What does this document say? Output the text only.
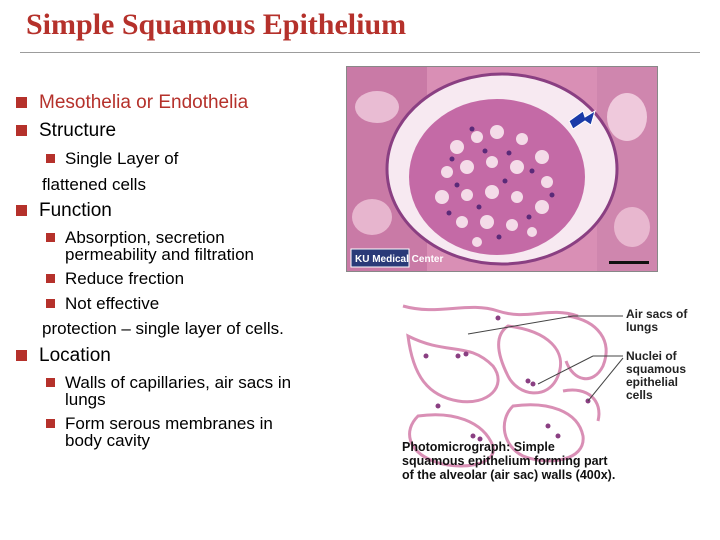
Simple Squamous Epithelium
Mesothelia or Endothelia
Structure
Single Layer of
flattened cells
Function
Absorption, secretion
permeability and filtration
Reduce frection
Not effective
protection – single layer of cells.
Location
Walls of capillaries, air sacs in
lungs
Form serous membranes in
body cavity
KU Medical Center
Air sacs of
lungs
Nuclei of
squamous
epithelial
cells
Photomicrograph: Simple
squamous epithelium forming part
of the alveolar (air sac) walls (400x).
